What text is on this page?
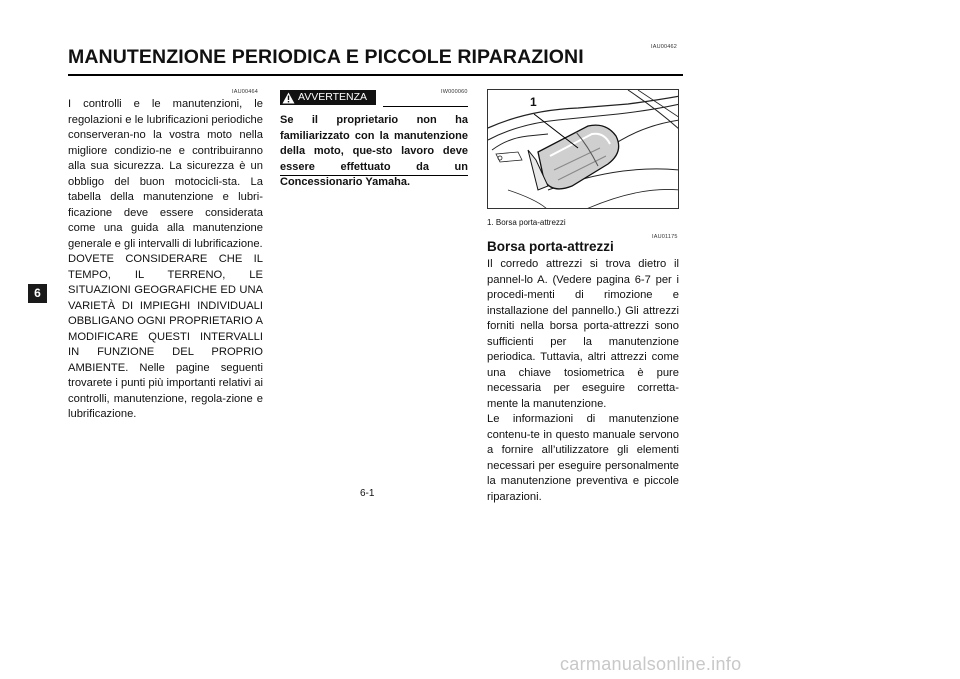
IAU00462
MANUTENZIONE PERIODICA E PICCOLE RIPARAZIONI
6
IAU00464

I controlli e le manutenzioni, le regolazioni e le lubrificazioni periodiche conserveran-no la vostra moto nella migliore condizio-ne e contribuiranno alla sua sicurezza. La sicurezza è un obbligo del buon motocicli-sta. La tabella della manutenzione e lubri-ficazione deve essere considerata come una guida alla manutenzione generale e gli intervalli di lubrificazione.

DOVETE CONSIDERARE CHE IL TEMPO, IL TERRENO, LE SITUAZIONI GEOGRAFICHE ED UNA VARIETÀ DI IMPIEGHI INDIVIDUALI OBBLIGANO OGNI PROPRIETARIO A MODIFICARE QUESTI INTERVALLI IN FUNZIONE DEL PROPRIO AMBIENTE. Nelle pagine seguenti trovarete i punti più importanti relativi ai controlli, manutenzione, regola-zione e lubrificazione.

IW000060
AVVERTENZA
Se il proprietario non ha familiarizzato con la manutenzione della moto, que-sto lavoro deve essere effettuato da un Concessionario Yamaha.
1
1. Borsa porta-attrezzi
IAU01175
Borsa porta-attrezzi

Il corredo attrezzi si trova dietro il pannel-lo A. (Vedere pagina 6-7 per i procedi-menti di rimozione e installazione del pannello.) Gli attrezzi forniti nella borsa porta-attrezzi sono sufficienti per la manutenzione periodica. Tuttavia, altri attrezzi come una chiave tosiometrica è pure necessaria per eseguire corretta-mente la manutenzione.

Le informazioni di manutenzione contenu-te in questo manuale servono a fornire all’utilizzatore gli elementi necessari per eseguire personalmente la manutenzione preventiva e piccole riparazioni.

6-1
carmanualsonline.info
